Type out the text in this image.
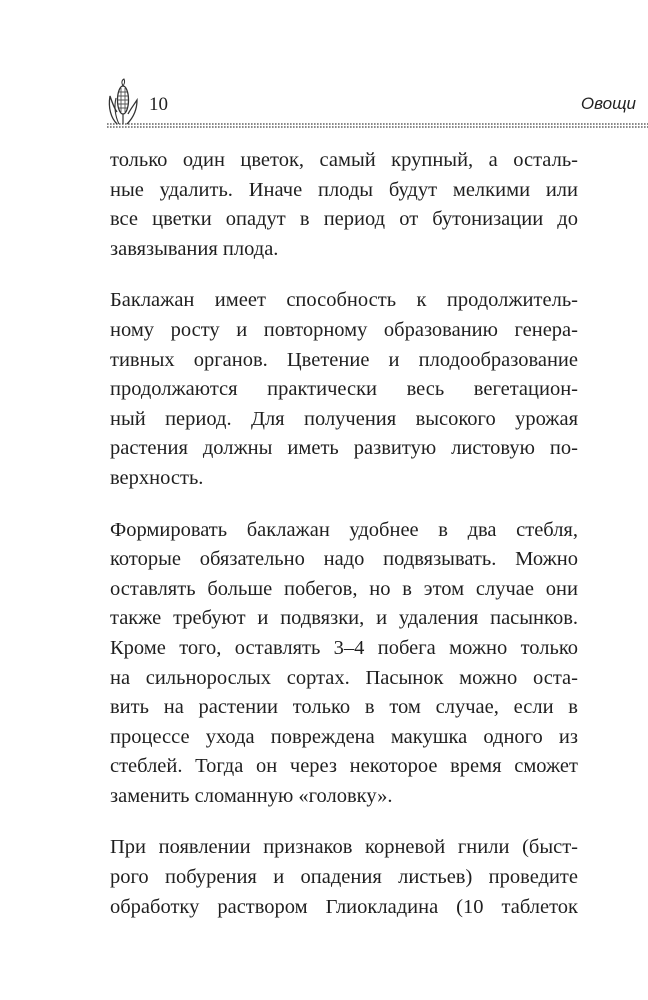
10	Овощи

только один цветок, самый крупный, а осталь-
ные удалить. Иначе плоды будут мелкими или
все цветки опадут в период от бутонизации до
завязывания плода.

Баклажан имеет способность к продолжитель-
ному росту и повторному образованию генера-
тивных органов. Цветение и плодообразование
продолжаются практически весь вегетацион-
ный период. Для получения высокого урожая
растения должны иметь развитую листовую по-
верхность.

Формировать баклажан удобнее в два стебля,
которые обязательно надо подвязывать. Можно
оставлять больше побегов, но в этом случае они
также требуют и подвязки, и удаления пасынков.
Кроме того, оставлять 3–4 побега можно только
на сильнорослых сортах. Пасынок можно оста-
вить на растении только в том случае, если в
процессе ухода повреждена макушка одного из
стеблей. Тогда он через некоторое время сможет
заменить сломанную «головку».

При появлении признаков корневой гнили (быст-
рого побурения и опадения листьев) проведите
обработку раствором Глиокладина (10 таблеток
